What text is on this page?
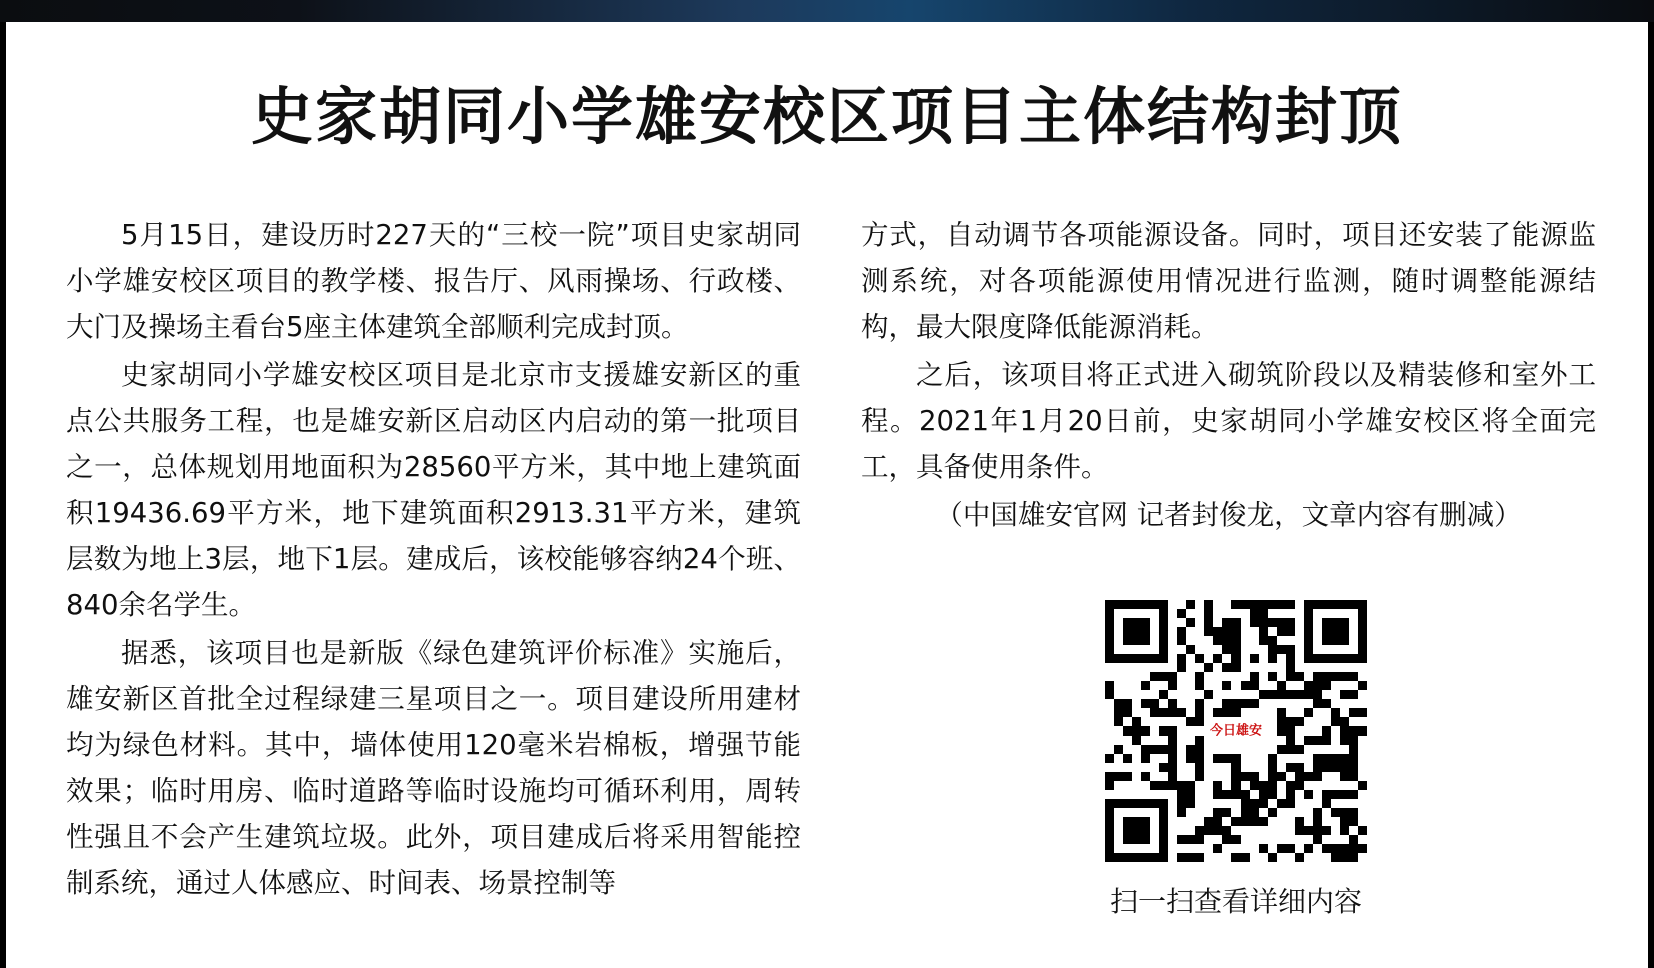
史家胡同小学雄安校区项目主体结构封顶

5月15日，建设历时227天的“三校一院”项目史家胡同小学雄安校区项目的教学楼、报告厅、风雨操场、行政楼、大门及操场主看台5座主体建筑全部顺利完成封顶。

史家胡同小学雄安校区项目是北京市支援雄安新区的重点公共服务工程，也是雄安新区启动区内启动的第一批项目之一，总体规划用地面积为28560平方米，其中地上建筑面积19436.69平方米，地下建筑面积2913.31平方米，建筑层数为地上3层，地下1层。建成后，该校能够容纳24个班、840余名学生。

据悉，该项目也是新版《绿色建筑评价标准》实施后，雄安新区首批全过程绿建三星项目之一。项目建设所用建材均为绿色材料。其中，墙体使用120毫米岩棉板，增强节能效果；临时用房、临时道路等临时设施均可循环利用，周转性强且不会产生建筑垃圾。此外，项目建成后将采用智能控制系统，通过人体感应、时间表、场景控制等

方式，自动调节各项能源设备。同时，项目还安装了能源监测系统，对各项能源使用情况进行监测，随时调整能源结构，最大限度降低能源消耗。

之后，该项目将正式进入砌筑阶段以及精装修和室外工程。2021年1月20日前，史家胡同小学雄安校区将全面完工，具备使用条件。

（中国雄安官网 记者封俊龙，文章内容有删减）

今日雄安
扫一扫查看详细内容
